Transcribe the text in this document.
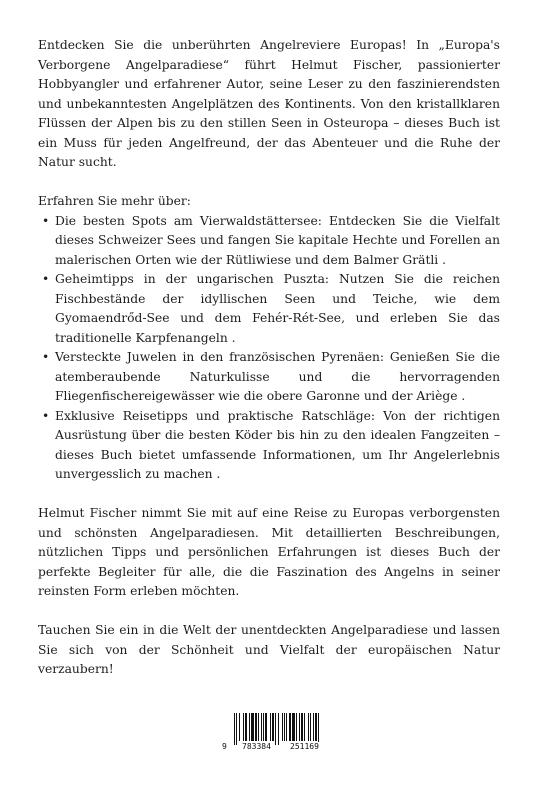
Entdecken Sie die unberührten Angelreviere Europas! In „Europa's Verborgene Angelparadiese“ führt Helmut Fischer, passionierter Hobbyangler und erfahrener Autor, seine Leser zu den faszinierendsten und unbekanntesten Angelplätzen des Kontinents. Von den kristallklaren Flüssen der Alpen bis zu den stillen Seen in Osteuropa – dieses Buch ist ein Muss für jeden Angelfreund, der das Abenteuer und die Ruhe der Natur sucht.

Erfahren Sie mehr über:

• Die besten Spots am Vierwaldstättersee: Entdecken Sie die Vielfalt dieses Schweizer Sees und fangen Sie kapitale Hechte und Forellen an malerischen Orten wie der Rütliwiese und dem Balmer Grätli .
• Geheimtipps in der ungarischen Puszta: Nutzen Sie die reichen Fischbestände der idyllischen Seen und Teiche, wie dem Gyomaendrőd-See und dem Fehér-Rét-See, und erleben Sie das traditionelle Karpfenangeln .
• Versteckte Juwelen in den französischen Pyrenäen: Genießen Sie die atemberaubende Naturkulisse und die hervorragenden Fliegenfischereigewässer wie die obere Garonne und der Ariège .
• Exklusive Reisetipps und praktische Ratschläge: Von der richtigen Ausrüstung über die besten Köder bis hin zu den idealen Fangzeiten – dieses Buch bietet umfassende Informationen, um Ihr Angelerlebnis unvergesslich zu machen .

Helmut Fischer nimmt Sie mit auf eine Reise zu Europas verborgensten und schönsten Angelparadiesen. Mit detaillierten Beschreibungen, nützlichen Tipps und persönlichen Erfahrungen ist dieses Buch der perfekte Begleiter für alle, die die Faszination des Angelns in seiner reinsten Form erleben möchten.

Tauchen Sie ein in die Welt der unentdeckten Angelparadiese und lassen Sie sich von der Schönheit und Vielfalt der europäischen Natur verzaubern!

9 783384 251169
